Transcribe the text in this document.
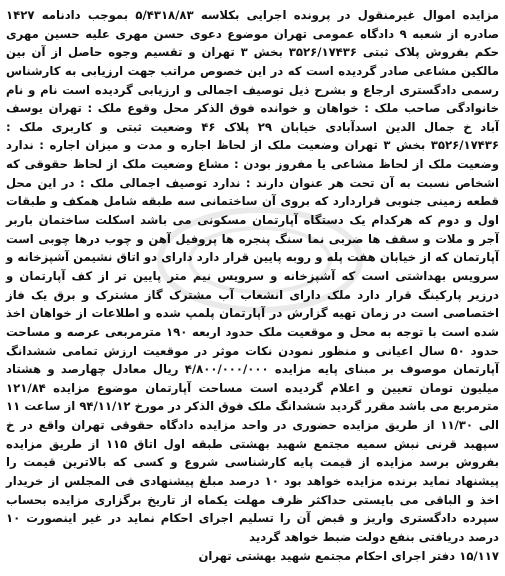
مزایده اموال غیرمنقول در پرونده اجرایی بکلاسه ۵/۴۳۱۸/۸۳ بموجب دادنامه ۱۴۲۷ صادره از شعبه ۹ دادگاه عمومی تهران موضوع دعوی حسن مهری علیه حسین مهری حکم بفروش پلاک ثبتی ۳۵۲۶/۱۷۴۳۶ بخش ۳ تهران و تقسیم وجوه حاصل از آن بین مالکین مشاعی صادر گردیده است که در این خصوص مراتب جهت ارزیابی به کارشناس رسمی دادگستری ارجاع و بشرح ذیل توصیف اجمالی و ارزیابی گردیده است نام و نام خانوادگی صاحب ملک : خواهان و خوانده فوق الذکر محل وقوع ملک : تهران یوسف آباد خ جمال الدین اسدآبادی خیابان ۲۹ پلاک ۴۶ وضعیت ثبتی و کاربری ملک : ۳۵۲۶/۱۷۴۳۶ بخش ۳ تهران وضعیت ملک از لحاظ اجاره و مدت و میزان اجاره : ندارد وضعیت ملک از لحاظ مشاعی یا مفروز بودن : مشاع وضعیت ملک از لحاظ حقوقی که اشخاص نسبت به آن تحت هر عنوان دارند : ندارد توصیف اجمالی ملک : در این محل قطعه زمینی جنوبی قراردارد که بروی آن ساختمانی سه طبقه شامل همکف و طبقات اول و دوم که هرکدام یک دستگاه آپارتمان مسکونی می باشد اسکلت ساختمان باربر آجر و ملات و سقف ها ضربی نما سنگ پنجره ها پروفیل آهن و چوب درها چوبی است آپارتمان که از خیابان هفت پله و روبه پایین قرار دارد دارای دو اتاق نشیمن آشپزخانه و سرویس بهداشتی است که آشپزخانه و سرویس نیم متر پایین تر از کف آپارتمان و درزیر پارکینگ قرار دارد ملک دارای انشعاب آب مشترک گاز مشترک و برق یک فاز اختصاصی است در زمان تهیه گزارش در آپارتمان پلمپ شده و اطلاعات از خواهان اخذ شده است با توجه به محل و موقعیت ملک حدود اربعه ۱۹۰ مترمربعی عرصه و مساحت حدود ۵۰ سال اعیانی و منظور نمودن نکات موثر در موقعیت ارزش تمامی ششدانگ آپارتمان موصوف بر مبنای پایه مزایده ۴/۸۰۰/۰۰۰/۰۰۰ ریال معادل چهارصد و هشتاد میلیون تومان تعیین و اعلام گردیده است مساحت آپارتمان موضوع مزایده ۱۲۱/۸۴ مترمربع می باشد مقرر گردید ششدانگ ملک فوق الذکر در مورخ ۹۴/۱۱/۱۲ از ساعت ۱۱ الی ۱۱/۳۰ از طریق مزایده حضوری در واحد مزایده دادگاه حقوقی تهران واقع در خ سپهبد قرنی نبش سمیه مجتمع شهید بهشتی طبقه اول اتاق ۱۱۵ از طریق مزایده بفروش برسد مزایده از قیمت پایه کارشناسی شروع و کسی که بالاترین قیمت را پیشنهاد نماید برنده مزایده خواهد بود ۱۰ درصد مبلغ پیشنهادی فی المجلس از خریدار اخذ و الباقی می بایستی حداکثر ظرف مهلت یکماه از تاریخ برگزاری مزایده بحساب سپرده دادگستری واریز و قبض آن را تسلیم اجرای احکام نماید در غیر اینصورت ۱۰ درصد دریافتی بنفع دولت ضبط خواهد گردید

۱۵/۱۱۷ دفتر اجرای احکام مجتمع شهید بهشتی تهران
